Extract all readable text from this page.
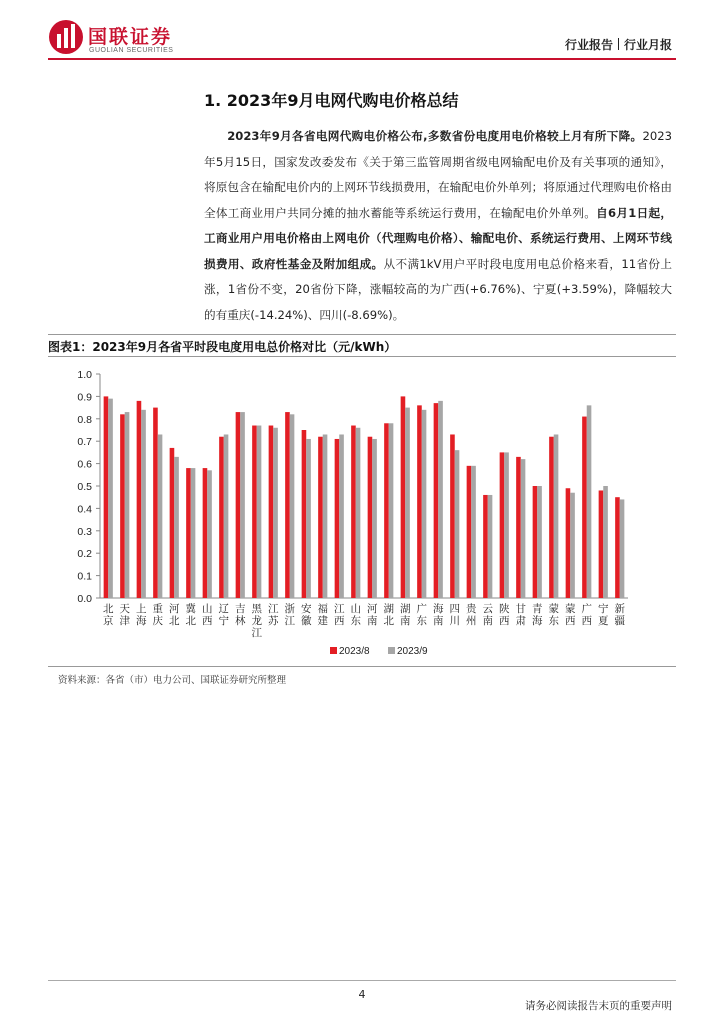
国联证券
GUOLIAN SECURITIES	行业报告 行业月报
1. 2023年9月电网代购电价格总结

2023年9月各省电网代购电价格公布,多数省份电度用电价格较上月有所下降。2023年5月15日，国家发改委发布《关于第三监管周期省级电网输配电价及有关事项的通知》，将原包含在输配电价内的上网环节线损费用，在输配电价外单列；将原通过代理购电价格由全体工商业用户共同分摊的抽水蓄能等系统运行费用，在输配电价外单列。自6月1日起，工商业用户用电价格由上网电价（代理购电价格）、输配电价、系统运行费用、上网环节线损费用、政府性基金及附加组成。从不满1kV用户平时段电度用电总价格来看，11省份上涨，1省份不变，20省份下降，涨幅较高的为广西(+6.76%)、宁夏(+3.59%)，降幅较大的有重庆(-14.24%)、四川(-8.69%)。

图表1：2023年9月各省平时段电度用电总价格对比（元/kWh）
0.0
0.1
0.2
0.3
0.4
0.5
0.6
0.7
0.8
0.9
1.0
北
京
天
津
上
海
重
庆
河
北
冀
北
山
西
辽
宁
吉
林
黑
龙
江
江
苏
浙
江
安
徽
福
建
江
西
山
东
河
南
湖
北
湖
南
广
东
海
南
四
川
贵
州
云
南
陕
西
甘
肃
青
海
蒙
东
蒙
西
广
西
宁
夏
新
疆
2023/8	2023/9
资料来源：各省（市）电力公司、国联证券研究所整理
4
请务必阅读报告末页的重要声明
